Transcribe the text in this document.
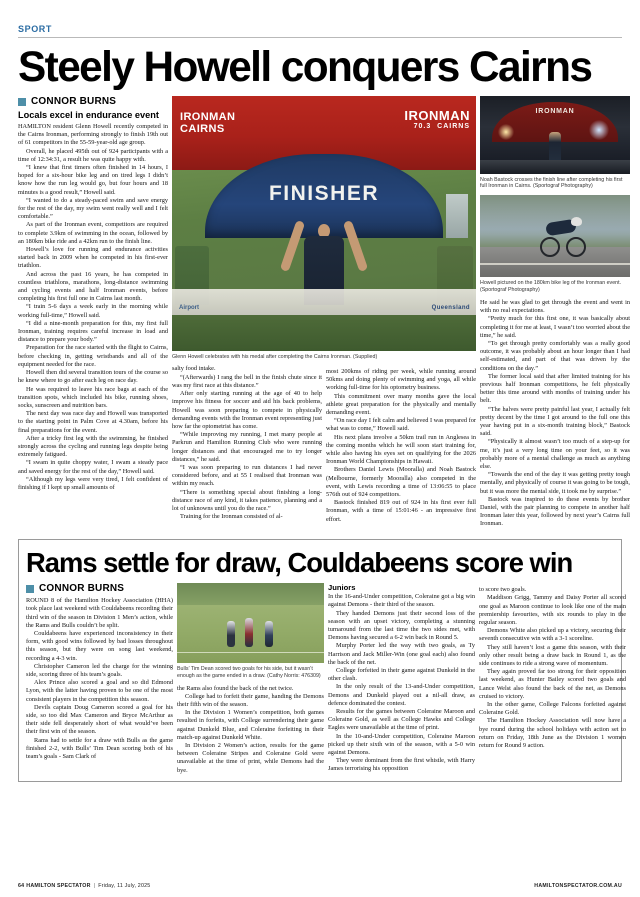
SPORT
Steely Howell conquers Cairns
CONNOR BURNS
Locals excel in endurance event

HAMILTON resident Glenn Howell recently competed in the Cairns Ironman, performing strongly to finish 19th out of 61 competitors in the 55-59-year-old age group.

Overall, he placed 495th out of 924 participants with a time of 12:34:31, a result he was quite happy with.

“I knew that first timers often finished in 14 hours, I hoped for a six-hour bike leg and on tired legs I didn’t know how the run leg would go, but four hours and 18 minutes is a good result,” Howell said.

“I wanted to do a steady-paced swim and save energy for the rest of the day, my swim went really well and I felt comfortable.”

As part of the Ironman event, competitors are required to complete 3.9km of swimming in the ocean, followed by an 180km bike ride and a 42km run to the finish line.

Howell’s love for running and endurance activities started back in 2009 when he competed in his first-ever triathlon.

And across the past 16 years, he has competed in countless triathlons, marathons, long-distance swimming and cycling events and half Ironman events, before completing his first full one in Cairns last month.

“I train 5-6 days a week early in the morning while working full-time,” Howell said.

“I did a nine-month preparation for this, my first full Ironman, training requires careful increase in load and distance to prepare your body.”

Preparation for the race started with the flight to Cairns, before checking in, getting wristbands and all of the equipment needed for the race.

Howell then did several transition tours of the course so he knew where to go after each leg on race day.

He was required to leave his race bags at each of the transition spots, which included his bike, running shoes, socks, sunscreen and nutrition bars.

The next day was race day and Howell was transported to the starting point in Palm Cove at 4.30am, before his final preparations for the event.

After a tricky first leg with the swimming, he finished strongly across the cycling and running legs despite being extremely fatigued.

“I swam in quite choppy water, I swam a steady pace and saved energy for the rest of the day,” Howell said.

“Although my legs were very tired, I felt confident of finishing if I kept up small amounts of

IRONMAN
CAIRNS
IRONMAN
70.3  CAIRNS
FINISHER
Airport	Queensland
Glenn Howell celebrates with his medal after completing the Cairns Ironman. (Supplied)

salty food intake.

“(Afterwards) I rang the bell in the finish chute since it was my first race at this distance.”

After only starting running at the age of 40 to help improve his fitness for soccer and aid his back problems, Howell was soon preparing to compete in physically demanding events with the Ironman event representing just how far the optometrist has come.

“While improving my running, I met many people at Parkrun and Hamilton Running Club who were running longer distances and that encouraged me to try longer distances,” he said.

“I was soon preparing to run distances I had never considered before, and at 55 I realised that Ironman was within my reach.

“There is something special about finishing a long-distance race of any kind, it takes patience, planning and a lot of unknowns until you do the race.”

Training for the Ironman consisted of al-

most 200kms of riding per week, while running around 50kms and doing plenty of swimming and yoga, all while working full-time for his optometry business.

This commitment over many months gave the local athlete great preparation for the physically and mentally demanding event.

“On race day I felt calm and believed I was prepared for what was to come,” Howell said.

His next plans involve a 50km trail run in Anglesea in the coming months which he will soon start training for, while also having his eyes set on qualifying for the 2026 Ironman World Championships in Hawaii.

Brothers Daniel Lewis (Mooralla) and Noah Bastock (Melbourne, formerly Mooralla) also competed in the event, with Lewis recording a time of 13:06:55 to place 576th out of 924 competitors.

Bastock finished 819 out of 924 in his first ever full Ironman, with a time of 15:01:46 - an impressive first effort.

IRONMAN
Noah Bastock crosses the finish line after completing his first full Ironman in Cairns. (Sportograf Photography)
Howell pictured on the 180km bike leg of the Ironman event. (Sportograf Photography)

He said he was glad to get through the event and went in with no real expectations.

“Pretty much for this first one, it was basically about completing it for me at least, I wasn’t too worried about the time,” he said.

“To get through pretty comfortably was a really good outcome, it was probably about an hour longer than I had self-estimated, and part of that was driven by the conditions on the day.”

The former local said that after limited training for his previous half Ironman competitions, he felt physically better this time around with months of training under his belt.

“The halves were pretty painful last year, I actually felt pretty decent by the time I got around to the full one this year having put in a six-month training block,” Bastock said.

“Physically it almost wasn’t too much of a step-up for me, it’s just a very long time on your feet, so it was probably more of a mental challenge as much as anything else.

“Towards the end of the day it was getting pretty tough mentally, and physically of course it was going to be tough, but it was more the mental side, it took me by surprise.”

Bastock was inspired to do these events by brother Daniel, with the pair planning to compete in another half Ironman later this year, followed by next year’s Cairns full Ironman.

Rams settle for draw, Couldabeens score win
CONNOR BURNS

ROUND 8 of the Hamilton Hockey Association (HHA) took place last weekend with Couldabeens recording their third win of the season in Division 1 Men’s action, while the Rams and Bulls couldn’t be split.

Couldabeens have experienced inconsistency in their form, with good wins followed by bad losses throughout this season, but they were on song last weekend, recording a 4-3 win.

Christopher Cameron led the charge for the winning side, scoring three of his team’s goals.

Alex Prince also scored a goal and so did Edmond Lyon, with the latter having proven to be one of the most consistent players in the competition this season.

Devils captain Doug Cameron scored a goal for his side, so too did Max Cameron and Bryce McArthur as their side fell desperately short of what would’ve been their first win of the season.

Rams had to settle for a draw with Bulls as the game finished 2-2, with Bulls’ Tim Dean scoring both of his team’s goals - Sam Clark of

Bulls’ Tim Dean scored two goals for his side, but it wasn’t enough as the game ended in a draw. (Cathy Norris: 476309)

the Rams also found the back of the net twice.

College had to forfeit their game, handing the Demons their fifth win of the season.

In the Division 1 Women’s competition, both games resulted in forfeits, with College surrendering their game against Dunkeld Blue, and Coleraine forfeiting in their match-up against Dunkeld White.

In Division 2 Women’s action, results for the game between Coleraine Stripes and Coleraine Gold were unavailable at the time of print, while Demons had the bye.

Juniors

In the 16-and-Under competition, Coleraine got a big win against Demons - their third of the season.

They handed Demons just their second loss of the season with an upset victory, completing a stunning turnaround from the last time the two sides met, with Demons having secured a 6-2 win back in Round 5.

Murphy Porter led the way with two goals, as Ty Harrison and Jack Miller-Win (one goal each) also found the back of the net.

College forfeited in their game against Dunkeld in the other clash.

In the only result of the 13-and-Under competition, Demons and Dunkeld played out a nil-all draw, as defence dominated the contest.

Results for the games between Coleraine Maroon and Coleraine Gold, as well as College Hawks and College Eagles were unavailable at the time of print.

In the 10-and-Under competition, Coleraine Maroon picked up their sixth win of the season, with a 5-0 win against Demons.

They were dominant from the first whistle, with Harry James terrorising his opposition

to score two goals.

Maddison Grigg, Tammy and Daisy Porter all scored one goal as Maroon continue to look like one of the main premiership favourites, with six rounds to play in the regular season.

Demons White also picked up a victory, securing their seventh consecutive win with a 3-1 scoreline.

They still haven’t lost a game this season, with their only other result being a draw back in Round 1, as the side continues to ride a strong wave of momentum.

They again proved far too strong for their opposition last weekend, as Hunter Bailey scored two goals and Lance Welst also found the back of the net, as Demons cruised to victory.

In the other game, College Falcons forfeited against Coleraine Gold.

The Hamilton Hockey Association will now have a bye round during the school holidays with action set to return on Friday, 18th June as the Division 1 women return for Round 9 action.

64 HAMILTON SPECTATOR | Friday, 11 July, 2025	HAMILTONSPECTATOR.COM.AU
